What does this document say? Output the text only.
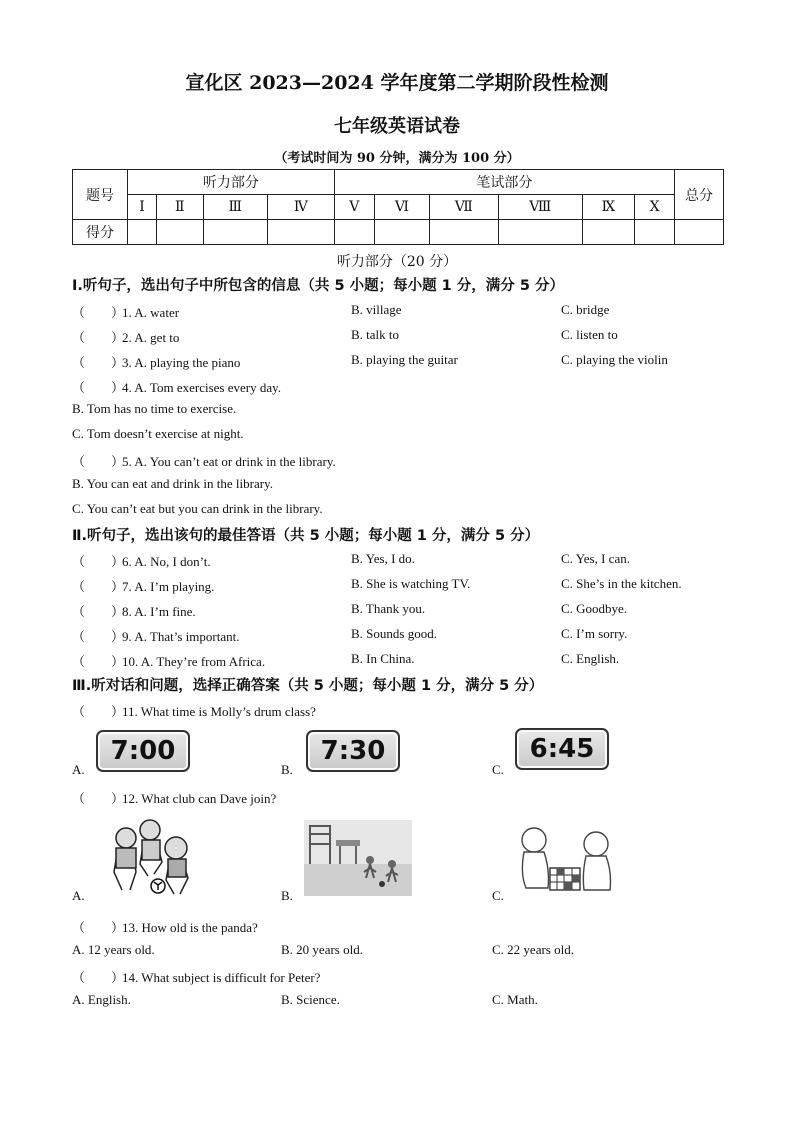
宣化区 2023—2024 学年度第二学期阶段性检测
七年级英语试卷
（考试时间为 90 分钟，满分为 100 分）
题号	听力部分				笔试部分						总分
	Ⅰ	Ⅱ	Ⅲ	Ⅳ	Ⅴ	Ⅵ	Ⅶ	Ⅷ	Ⅸ	Ⅹ	
得分											
听力部分（20 分）
Ⅰ.听句子，选出句子中所包含的信息（共 5 小题；每小题 1 分，满分 5 分）
（　　）1. A. water	B. village	C. bridge
（　　）2. A. get to	B. talk to	C. listen to
（　　）3. A. playing the piano	B. playing the guitar	C. playing the violin
（　　）4. A. Tom exercises every day.
B. Tom has no time to exercise.
C. Tom doesn’t exercise at night.
（　　）5. A. You can’t eat or drink in the library.
B. You can eat and drink in the library.
C. You can’t eat but you can drink in the library.
Ⅱ.听句子，选出该句的最佳答语（共 5 小题；每小题 1 分，满分 5 分）
（　　）6. A. No, I don’t.	B. Yes, I do.	C. Yes, I can.
（　　）7. A. I’m playing.	B. She is watching TV.	C. She’s in the kitchen.
（　　）8. A. I’m fine.	B. Thank you.	C. Goodbye.
（　　）9. A. That’s important.	B. Sounds good.	C. I’m sorry.
（　　）10. A. They’re from Africa.	B. In China.	C. English.
Ⅲ.听对话和问题，选择正确答案（共 5 小题；每小题 1 分，满分 5 分）
（　　）11. What time is Molly’s drum class?
A.
7:00
B.
7:30
C.
6:45
（　　）12. What club can Dave join?
A.	B.	C.
（　　）13. How old is the panda?
A. 12 years old.	B. 20 years old.	C. 22 years old.
（　　）14. What subject is difficult for Peter?
A. English.	B. Science.	C. Math.
